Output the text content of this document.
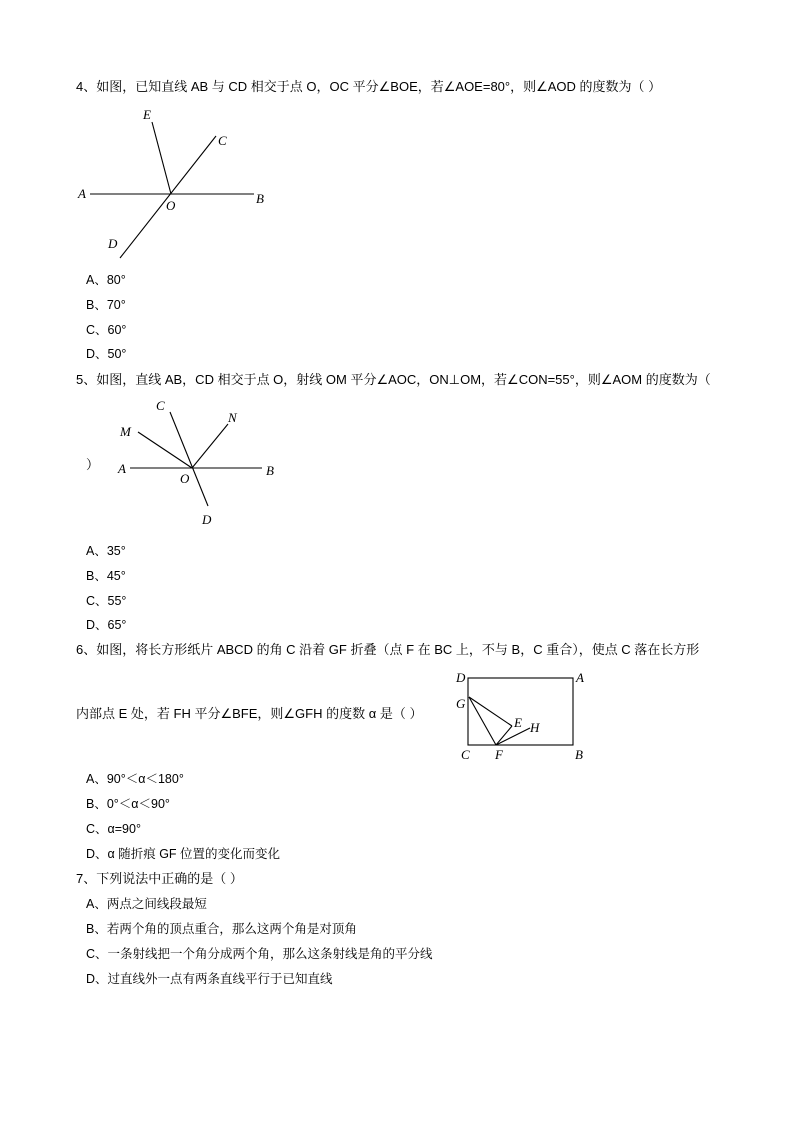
4、如图，已知直线 AB 与 CD 相交于点 O，OC 平分∠BOE，若∠AOE=80°，则∠AOD 的度数为（ ）
E
C
A
O	B
D
A、80°
B、70°
C、60°
D、50°
5、如图，直线 AB，CD 相交于点 O，射线 OM 平分∠AOC，ON⊥OM，若∠CON=55°，则∠AOM 的度数为（
）
C
N
M
A
O
B
D
A、35°
B、45°
C、55°
D、65°
6、如图，将长方形纸片 ABCD 的角 C 沿着 GF 折叠（点 F 在 BC 上，不与 B，C 重合），使点 C 落在长方形
内部点 E 处，若 FH 平分∠BFE，则∠GFH 的度数 α 是（ ）
D	A
G
E H
C F	B
A、90°＜α＜180°
B、0°＜α＜90°
C、α=90°
D、α 随折痕 GF 位置的变化而变化
7、下列说法中正确的是（ ）
A、两点之间线段最短
B、若两个角的顶点重合，那么这两个角是对顶角
C、一条射线把一个角分成两个角，那么这条射线是角的平分线
D、过直线外一点有两条直线平行于已知直线
